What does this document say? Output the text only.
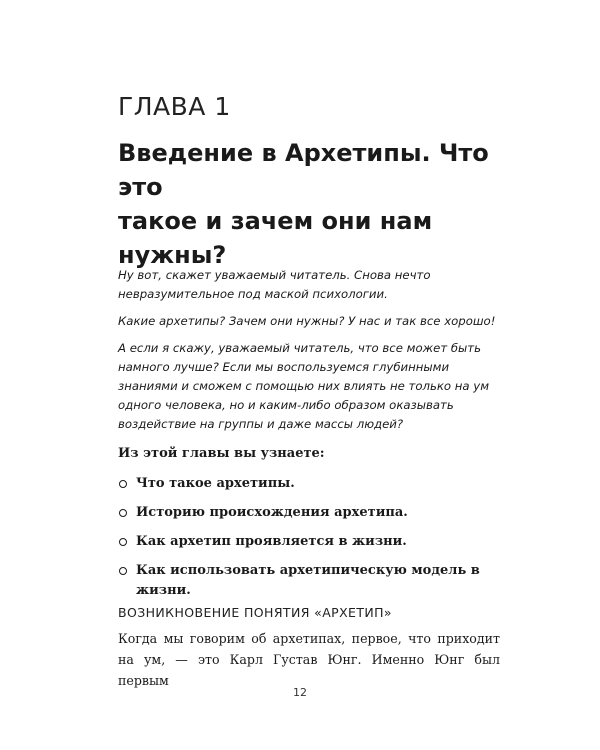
ГЛАВА 1
Введение в Архетипы. Что это
такое и зачем они нам нужны?

Ну вот, скажет уважаемый читатель. Снова нечто невразумительное под маской психологии.

Какие архетипы? Зачем они нужны? У нас и так все хорошо!

А если я скажу, уважаемый читатель, что все может быть намного лучше? Если мы воспользуемся глубинными знаниями и сможем с помощью них влиять не только на ум одного человека, но и каким-либо образом оказывать воздействие на группы и даже массы людей?

Из этой главы вы узнаете:
Что такое архетипы.
Историю происхождения архетипа.
Как архетип проявляется в жизни.
Как использовать архетипическую модель в жизни.
ВОЗНИКНОВЕНИЕ ПОНЯТИЯ «АРХЕТИП»

Когда мы говорим об архетипах, первое, что приходит на ум, — это Карл Густав Юнг. Именно Юнг был первым

12
